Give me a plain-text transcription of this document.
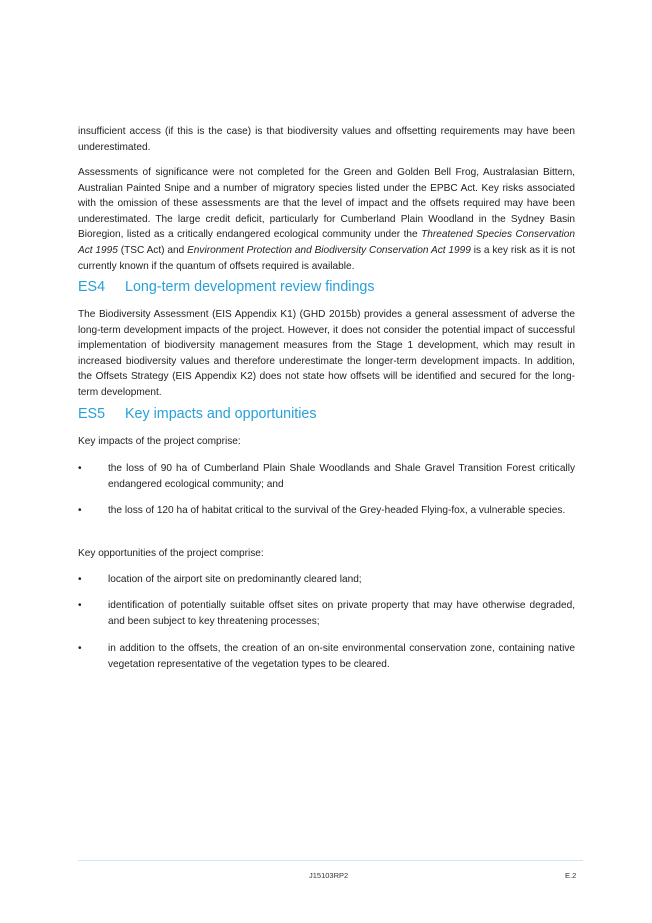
insufficient access (if this is the case) is that biodiversity values and offsetting requirements may have been underestimated.

Assessments of significance were not completed for the Green and Golden Bell Frog, Australasian Bittern, Australian Painted Snipe and a number of migratory species listed under the EPBC Act. Key risks associated with the omission of these assessments are that the level of impact and the offsets required may have been underestimated. The large credit deficit, particularly for Cumberland Plain Woodland in the Sydney Basin Bioregion, listed as a critically endangered ecological community under the Threatened Species Conservation Act 1995 (TSC Act) and Environment Protection and Biodiversity Conservation Act 1999 is a key risk as it is not currently known if the quantum of offsets required is available.

ES4 Long-term development review findings

The Biodiversity Assessment (EIS Appendix K1) (GHD 2015b) provides a general assessment of adverse the long-term development impacts of the project. However, it does not consider the potential impact of successful implementation of biodiversity management measures from the Stage 1 development, which may result in increased biodiversity values and therefore underestimate the longer-term development impacts. In addition, the Offsets Strategy (EIS Appendix K2) does not state how offsets will be identified and secured for the long-term development.

ES5 Key impacts and opportunities

Key impacts of the project comprise:

•	the loss of 90 ha of Cumberland Plain Shale Woodlands and Shale Gravel Transition Forest critically endangered ecological community; and

•	the loss of 120 ha of habitat critical to the survival of the Grey-headed Flying-fox, a vulnerable species.

Key opportunities of the project comprise:

•	location of the airport site on predominantly cleared land;

•	identification of potentially suitable offset sites on private property that may have otherwise degraded, and been subject to key threatening processes;

•	in addition to the offsets, the creation of an on-site environmental conservation zone, containing native vegetation representative of the vegetation types to be cleared.

J15103RP2	E.2
